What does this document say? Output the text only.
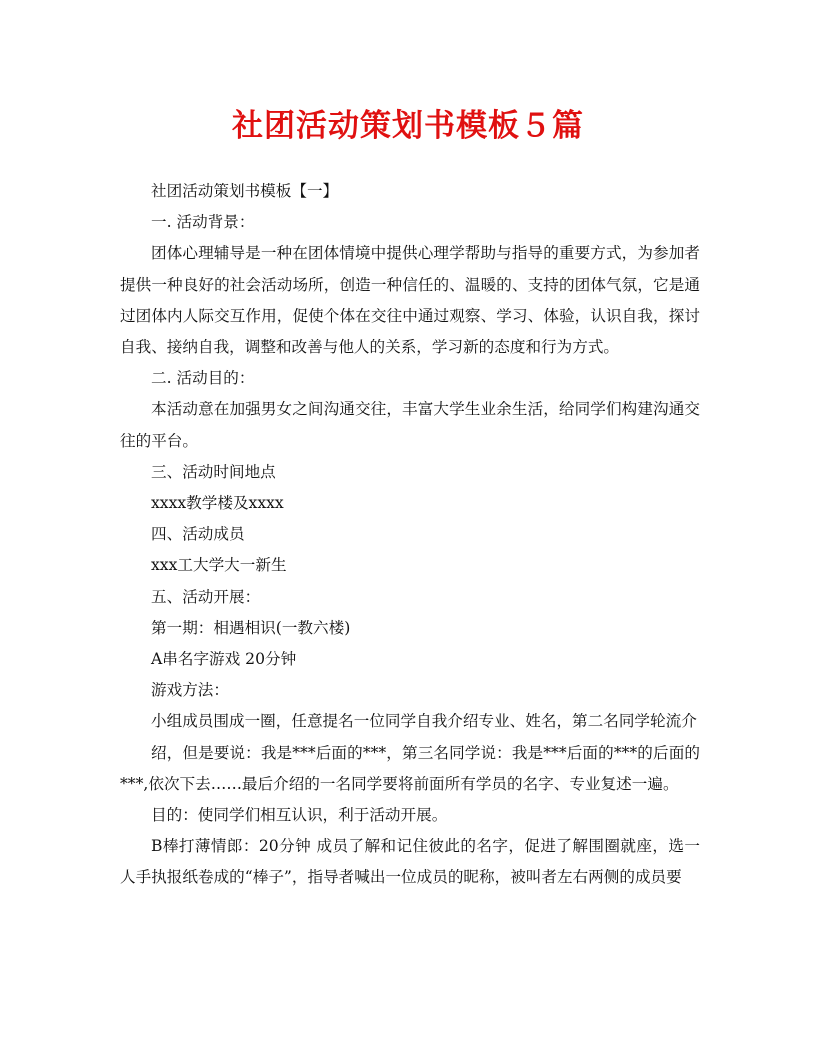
社团活动策划书模板５篇

社团活动策划书模板【一】

一. 活动背景：

团体心理辅导是一种在团体情境中提供心理学帮助与指导的重要方式，为参加者提供一种良好的社会活动场所，创造一种信任的、温暖的、支持的团体气氛，它是通过团体内人际交互作用，促使个体在交往中通过观察、学习、体验，认识自我，探讨自我、接纳自我，调整和改善与他人的关系，学习新的态度和行为方式。

二. 活动目的：

本活动意在加强男女之间沟通交往，丰富大学生业余生活，给同学们构建沟通交往的平台。

三、活动时间地点

xxxx教学楼及xxxx

四、活动成员

xxx工大学大一新生

五、活动开展：

第一期：相遇相识(一教六楼)

A串名字游戏 20分钟

游戏方法：

小组成员围成一圈，任意提名一位同学自我介绍专业、姓名，第二名同学轮流介

绍，但是要说：我是***后面的***，第三名同学说：我是***后面的***的后面的***,依次下去……最后介绍的一名同学要将前面所有学员的名字、专业复述一遍。

目的：使同学们相互认识，利于活动开展。

B棒打薄情郎：20分钟 成员了解和记住彼此的名字，促进了解围圈就座，选一人手执报纸卷成的“棒子”，指导者喊出一位成员的昵称，被叫者左右两侧的成员要
